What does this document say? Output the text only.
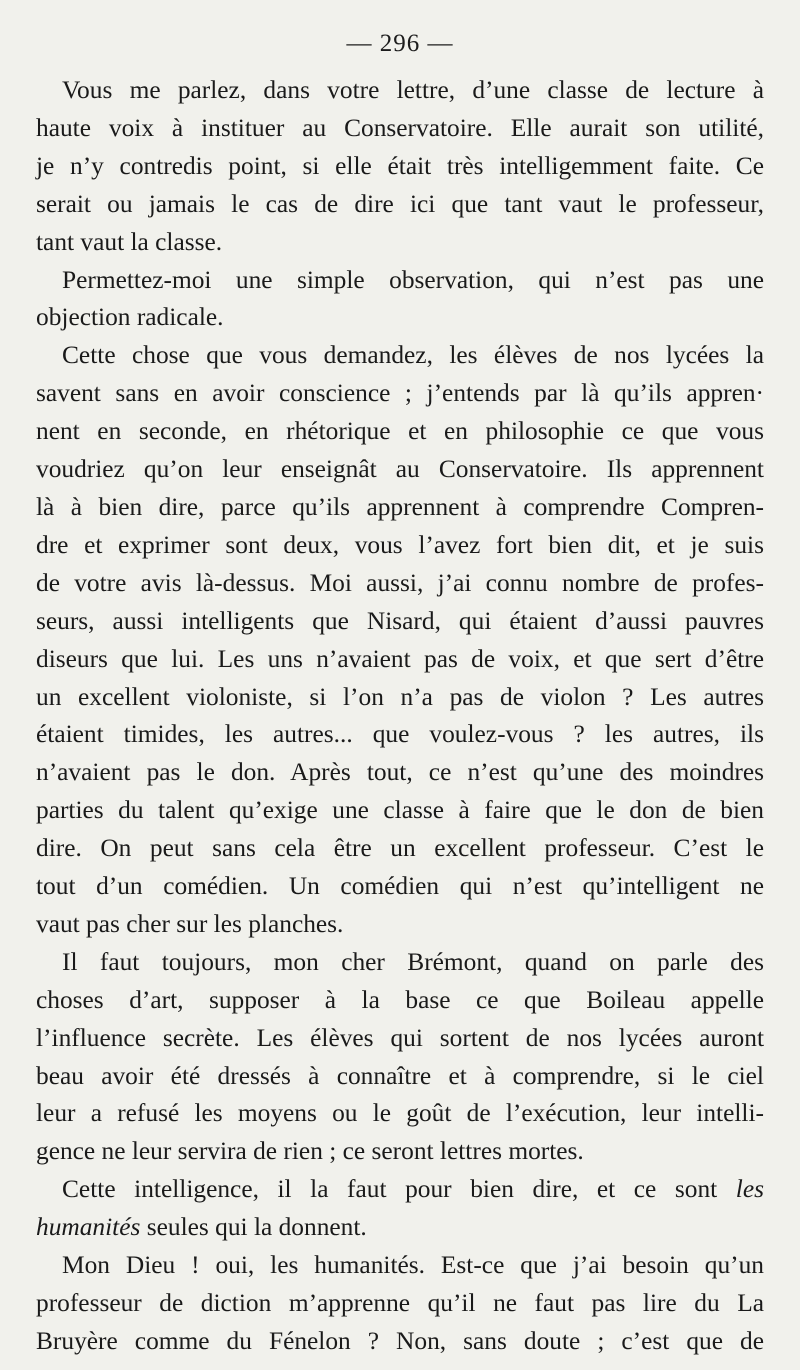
— 296 —

Vous me parlez, dans votre lettre, d’une classe de lecture à
haute voix à instituer au Conservatoire. Elle aurait son utilité,
je n’y contredis point, si elle était très intelligemment faite. Ce
serait ou jamais le cas de dire ici que tant vaut le professeur,
tant vaut la classe.

Permettez-moi une simple observation, qui n’est pas une
objection radicale.

Cette chose que vous demandez, les élèves de nos lycées la
savent sans en avoir conscience ; j’entends par là qu’ils appren·
nent en seconde, en rhétorique et en philosophie ce que vous
voudriez qu’on leur enseignât au Conservatoire. Ils apprennent
là à bien dire, parce qu’ils apprennent à comprendre Compren-
dre et exprimer sont deux, vous l’avez fort bien dit, et je suis
de votre avis là-dessus. Moi aussi, j’ai connu nombre de profes-
seurs, aussi intelligents que Nisard, qui étaient d’aussi pauvres
diseurs que lui. Les uns n’avaient pas de voix, et que sert d’être
un excellent violoniste, si l’on n’a pas de violon ? Les autres
étaient timides, les autres... que voulez-vous ? les autres, ils
n’avaient pas le don. Après tout, ce n’est qu’une des moindres
parties du talent qu’exige une classe à faire que le don de bien
dire. On peut sans cela être un excellent professeur. C’est le
tout d’un comédien. Un comédien qui n’est qu’intelligent ne
vaut pas cher sur les planches.

Il faut toujours, mon cher Brémont, quand on parle des
choses d’art, supposer à la base ce que Boileau appelle
l’influence secrète. Les élèves qui sortent de nos lycées auront
beau avoir été dressés à connaître et à comprendre, si le ciel
leur a refusé les moyens ou le goût de l’exécution, leur intelli-
gence ne leur servira de rien ; ce seront lettres mortes.

Cette intelligence, il la faut pour bien dire, et ce sont les
humanités seules qui la donnent.

Mon Dieu ! oui, les humanités. Est-ce que j’ai besoin qu’un
professeur de diction m’apprenne qu’il ne faut pas lire du La
Bruyère comme du Fénelon ? Non, sans doute ; c’est que de
